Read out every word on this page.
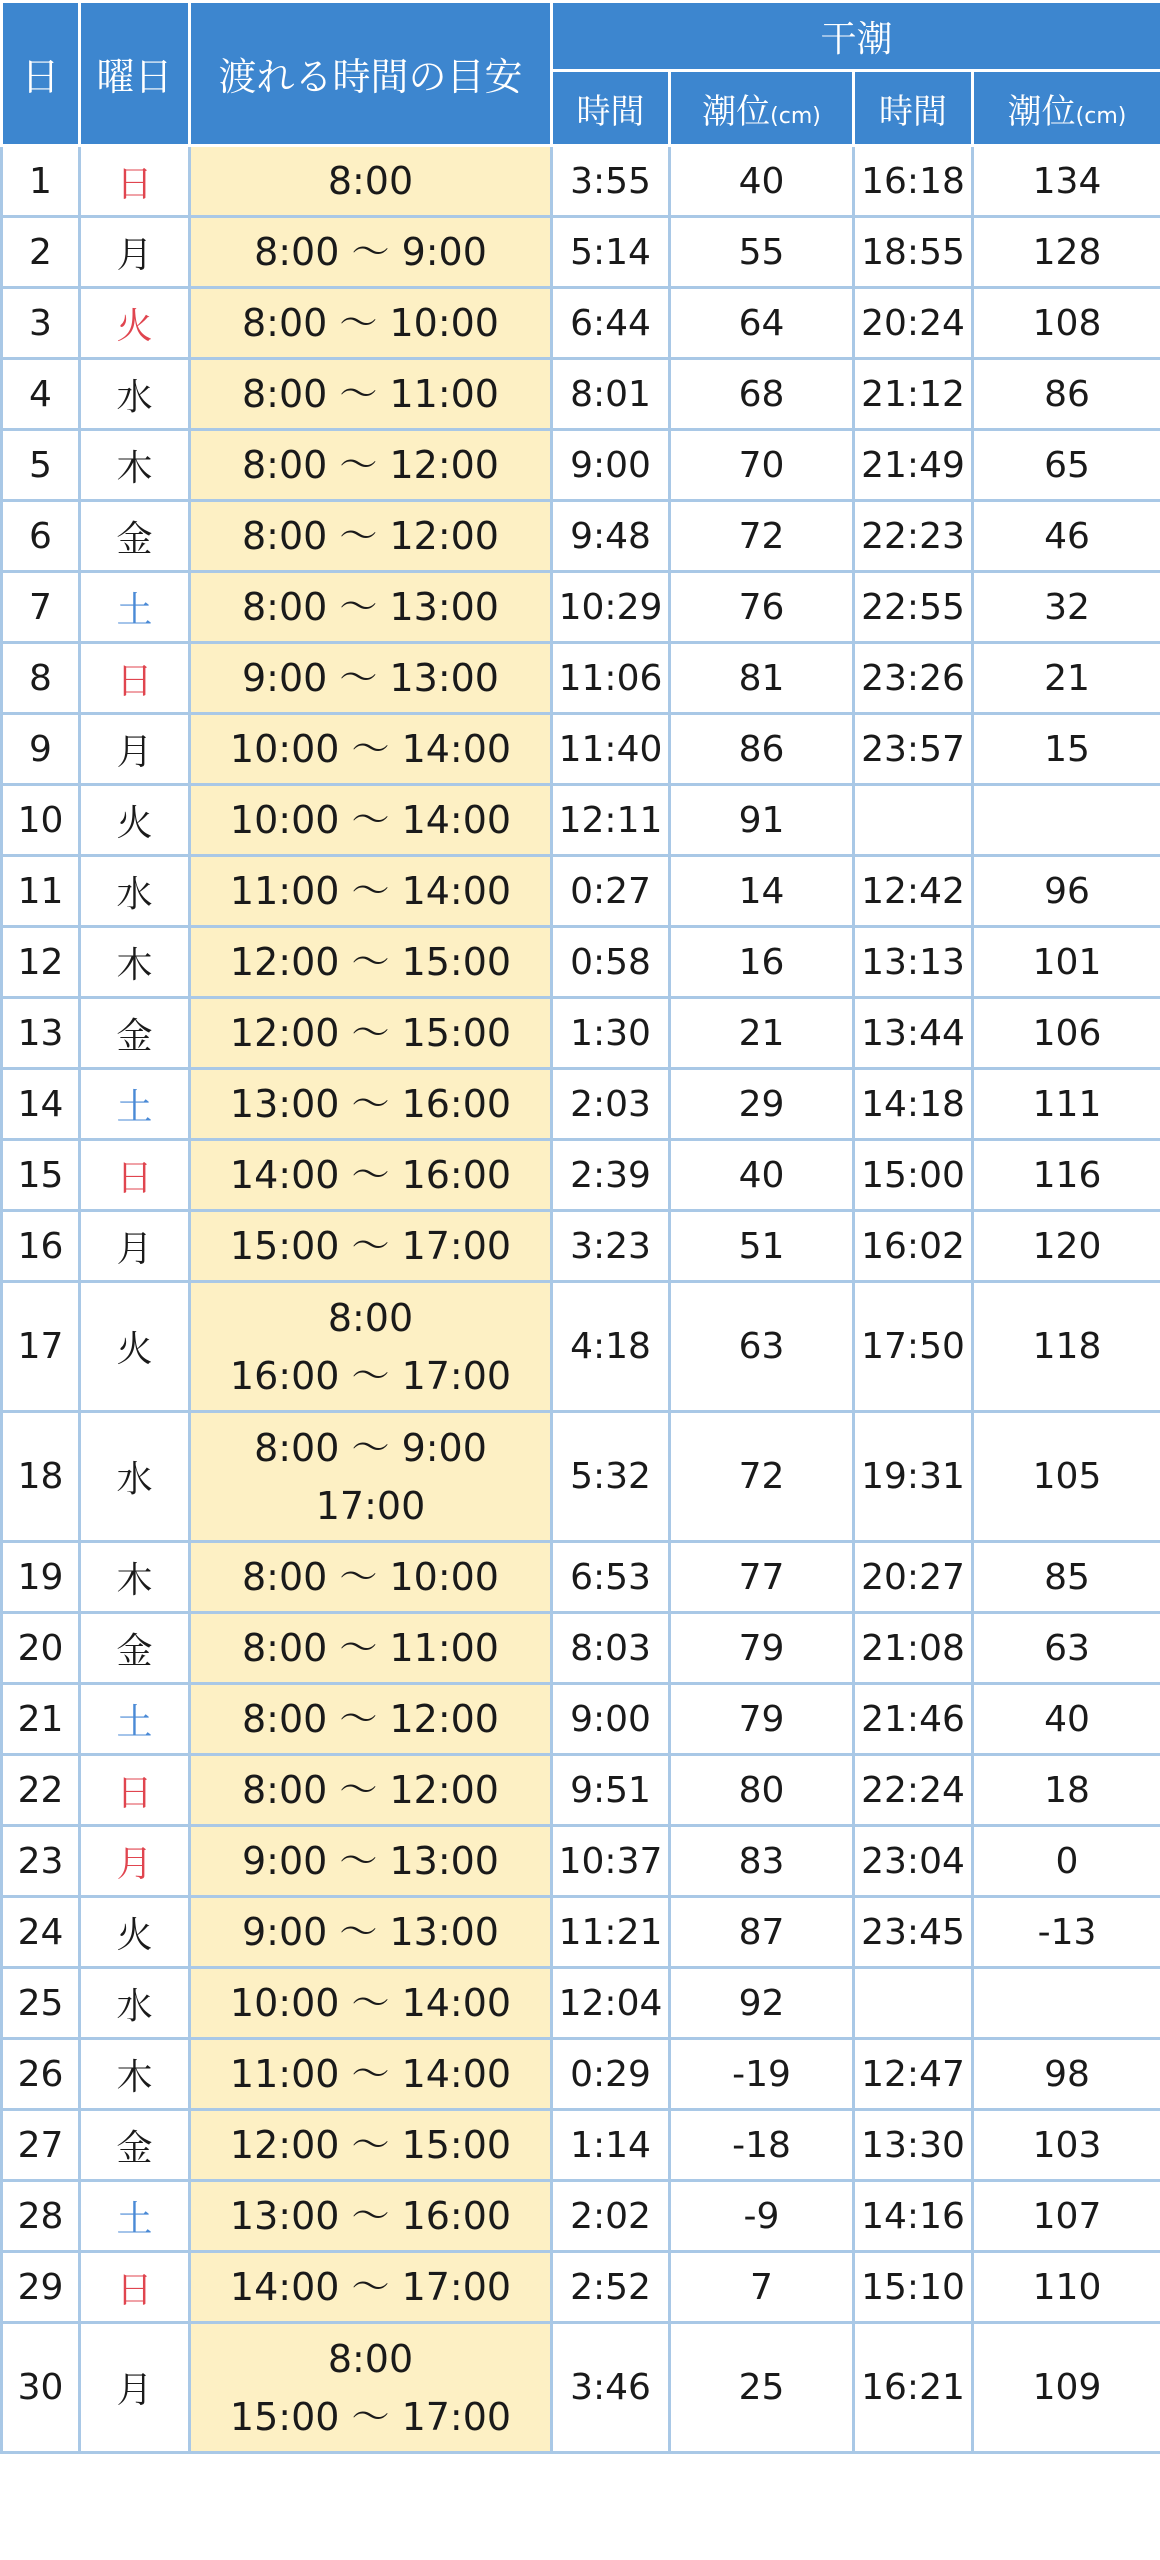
日	曜日	渡れる時間の目安	干潮			
			時間	潮位(cm)	時間	潮位(cm)
1	日	8:00	3:55	40	16:18	134
2	月	8:00 ～ 9:00	5:14	55	18:55	128
3	火	8:00 ～ 10:00	6:44	64	20:24	108
4	水	8:00 ～ 11:00	8:01	68	21:12	86
5	木	8:00 ～ 12:00	9:00	70	21:49	65
6	金	8:00 ～ 12:00	9:48	72	22:23	46
7	土	8:00 ～ 13:00	10:29	76	22:55	32
8	日	9:00 ～ 13:00	11:06	81	23:26	21
9	月	10:00 ～ 14:00	11:40	86	23:57	15
10	火	10:00 ～ 14:00	12:11	91		
11	水	11:00 ～ 14:00	0:27	14	12:42	96
12	木	12:00 ～ 15:00	0:58	16	13:13	101
13	金	12:00 ～ 15:00	1:30	21	13:44	106
14	土	13:00 ～ 16:00	2:03	29	14:18	111
15	日	14:00 ～ 16:00	2:39	40	15:00	116
16	月	15:00 ～ 17:00	3:23	51	16:02	120
17	火	8:00
16:00 ～ 17:00	4:18	63	17:50	118
18	水	8:00 ～ 9:00
17:00	5:32	72	19:31	105
19	木	8:00 ～ 10:00	6:53	77	20:27	85
20	金	8:00 ～ 11:00	8:03	79	21:08	63
21	土	8:00 ～ 12:00	9:00	79	21:46	40
22	日	8:00 ～ 12:00	9:51	80	22:24	18
23	月	9:00 ～ 13:00	10:37	83	23:04	0
24	火	9:00 ～ 13:00	11:21	87	23:45	-13
25	水	10:00 ～ 14:00	12:04	92		
26	木	11:00 ～ 14:00	0:29	-19	12:47	98
27	金	12:00 ～ 15:00	1:14	-18	13:30	103
28	土	13:00 ～ 16:00	2:02	-9	14:16	107
29	日	14:00 ～ 17:00	2:52	7	15:10	110
30	月	8:00
15:00 ～ 17:00	3:46	25	16:21	109
